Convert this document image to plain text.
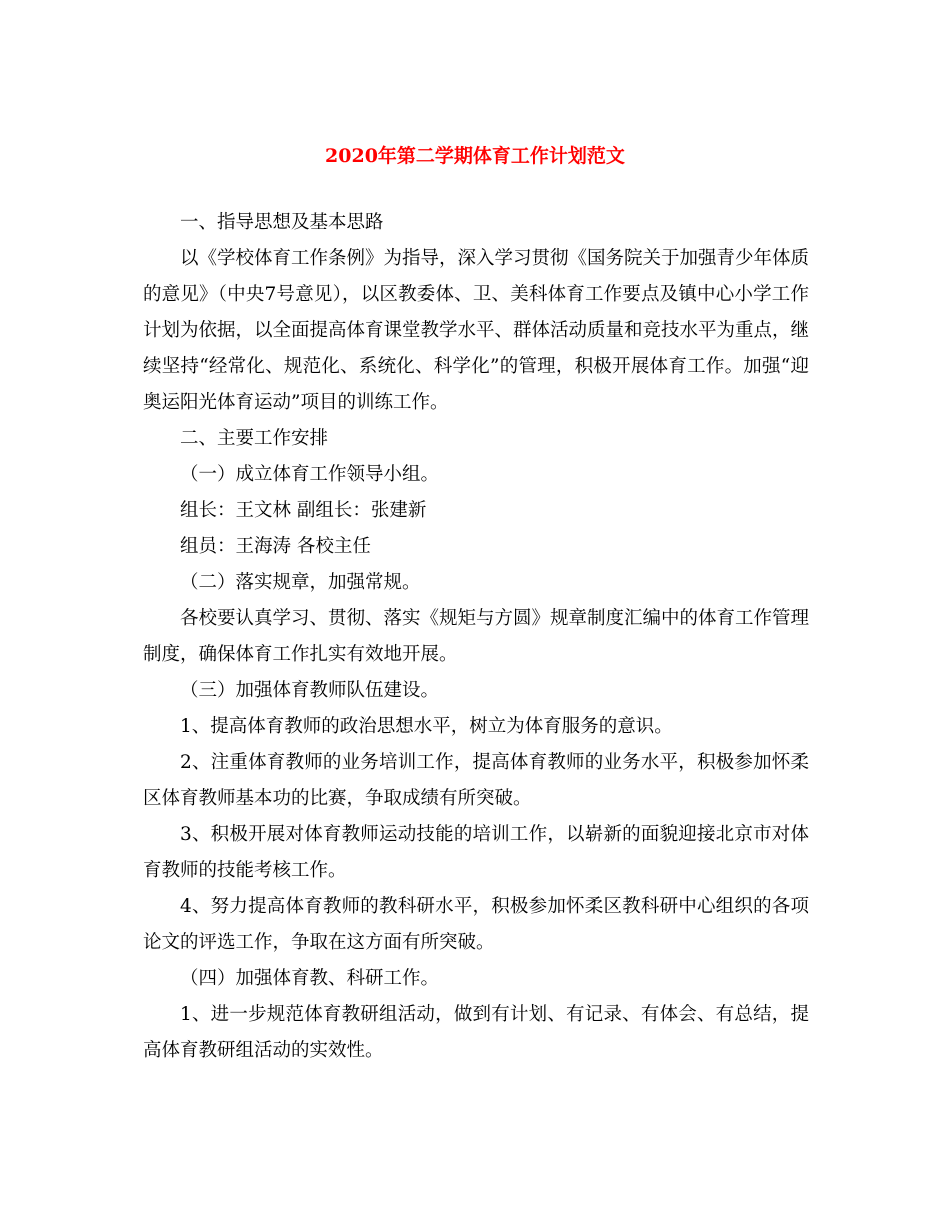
2020年第二学期体育工作计划范文

一、指导思想及基本思路

以《学校体育工作条例》为指导，深入学习贯彻《国务院关于加强青少年体质的意见》（中央7号意见），以区教委体、卫、美科体育工作要点及镇中心小学工作计划为依据，以全面提高体育课堂教学水平、群体活动质量和竞技水平为重点，继续坚持“经常化、规范化、系统化、科学化”的管理，积极开展体育工作。加强“迎奥运阳光体育运动”项目的训练工作。

二、主要工作安排

（一）成立体育工作领导小组。

组长：王文林 副组长：张建新

组员：王海涛 各校主任

（二）落实规章，加强常规。

各校要认真学习、贯彻、落实《规矩与方圆》规章制度汇编中的体育工作管理制度，确保体育工作扎实有效地开展。

（三）加强体育教师队伍建设。

1、提高体育教师的政治思想水平，树立为体育服务的意识。

2、注重体育教师的业务培训工作，提高体育教师的业务水平，积极参加怀柔区体育教师基本功的比赛，争取成绩有所突破。

3、积极开展对体育教师运动技能的培训工作，以崭新的面貌迎接北京市对体育教师的技能考核工作。

4、努力提高体育教师的教科研水平，积极参加怀柔区教科研中心组织的各项论文的评选工作，争取在这方面有所突破。

（四）加强体育教、科研工作。

1、进一步规范体育教研组活动，做到有计划、有记录、有体会、有总结，提高体育教研组活动的实效性。
